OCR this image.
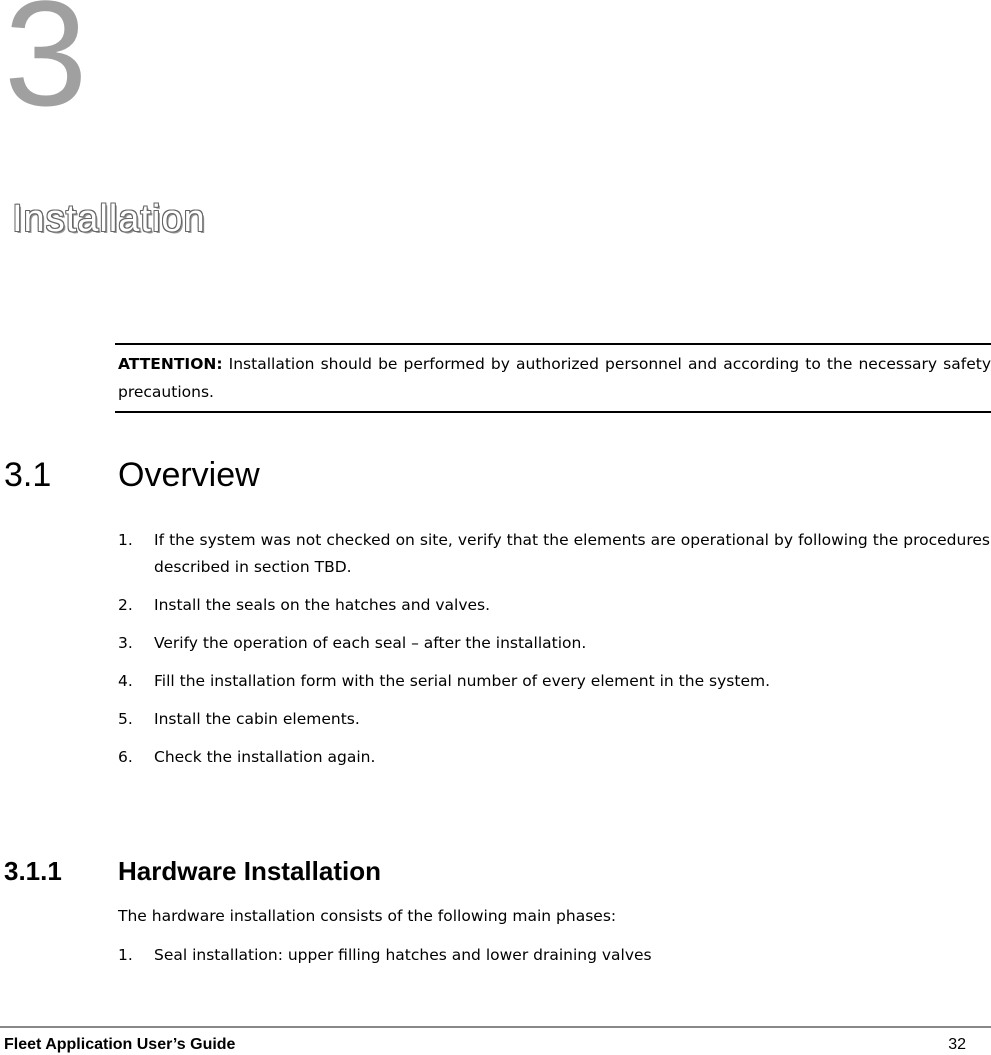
3
Installation
ATTENTION: Installation should be performed by authorized personnel and according to the necessary safety precautions.
3.1 Overview
1. If the system was not checked on site, verify that the elements are operational by following the procedures described in section TBD.
2. Install the seals on the hatches and valves.
3. Verify the operation of each seal – after the installation.
4. Fill the installation form with the serial number of every element in the system.
5. Install the cabin elements.
6. Check the installation again.
3.1.1 Hardware Installation
The hardware installation consists of the following main phases:
1. Seal installation: upper filling hatches and lower draining valves
Fleet Application User’s Guide	32
